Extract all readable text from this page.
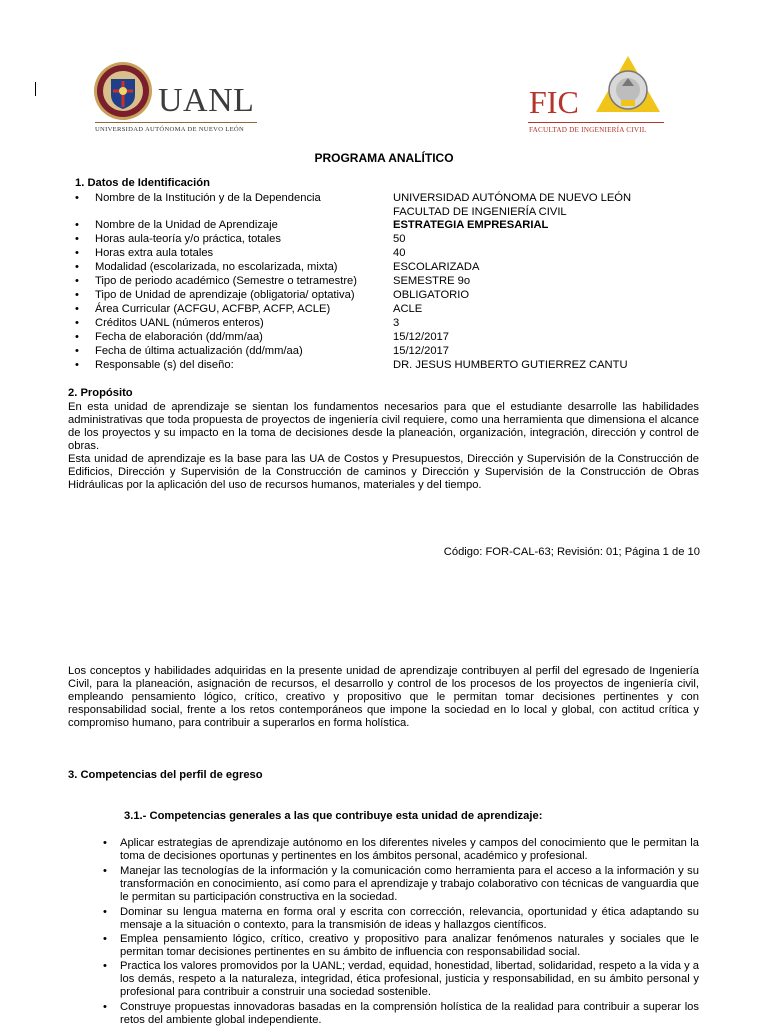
UANL
UNIVERSIDAD AUTÓNOMA DE NUEVO LEÓN
FIC
FACULTAD DE INGENIERÍA CIVIL
PROGRAMA ANALÍTICO
1. Datos de Identificación
• Nombre de la Institución y de la Dependencia	UNIVERSIDAD AUTÓNOMA DE NUEVO LEÓN
FACULTAD DE INGENIERÍA CIVIL
• Nombre de la Unidad de Aprendizaje	ESTRATEGIA EMPRESARIAL
• Horas aula-teoría y/o práctica, totales	50
• Horas extra aula totales	40
• Modalidad (escolarizada, no escolarizada, mixta)	ESCOLARIZADA
• Tipo de periodo académico (Semestre o tetramestre)	SEMESTRE 9o
• Tipo de Unidad de aprendizaje (obligatoria/ optativa)	OBLIGATORIO
• Área Curricular (ACFGU, ACFBP, ACFP, ACLE)	ACLE
• Créditos UANL (números enteros)	3
• Fecha de elaboración (dd/mm/aa)	15/12/2017
• Fecha de última actualización (dd/mm/aa)	15/12/2017
• Responsable (s) del diseño:	DR. JESUS HUMBERTO GUTIERREZ CANTU
2. Propósito
En esta unidad de aprendizaje se sientan los fundamentos necesarios para que el estudiante desarrolle las habilidades administrativas que toda propuesta de proyectos de ingeniería civil requiere, como una herramienta que dimensiona el alcance de los proyectos y su impacto en la toma de decisiones desde la planeación, organización, integración, dirección y control de obras.
Esta unidad de aprendizaje es la base para las UA de Costos y Presupuestos, Dirección y Supervisión de la Construcción de Edificios, Dirección y Supervisión de la Construcción de caminos y Dirección y Supervisión de la Construcción de Obras Hidráulicas por la aplicación del uso de recursos humanos, materiales y del tiempo.
Código: FOR-CAL-63; Revisión: 01; Página 1 de 10
Los conceptos y habilidades adquiridas en la presente unidad de aprendizaje contribuyen al perfil del egresado de Ingeniería Civil, para la planeación, asignación de recursos, el desarrollo y control de los procesos de los proyectos de ingeniería civil, empleando pensamiento lógico, crítico, creativo y propositivo que le permitan tomar decisiones pertinentes y con responsabilidad social, frente a los retos contemporáneos que impone la sociedad en lo local y global, con actitud crítica y compromiso humano, para contribuir a superarlos en forma holística.
3. Competencias del perfil de egreso
3.1.- Competencias generales a las que contribuye esta unidad de aprendizaje:
• Aplicar estrategias de aprendizaje autónomo en los diferentes niveles y campos del conocimiento que le permitan la toma de decisiones oportunas y pertinentes en los ámbitos personal, académico y profesional.
• Manejar las tecnologías de la información y la comunicación como herramienta para el acceso a la información y su transformación en conocimiento, así como para el aprendizaje y trabajo colaborativo con técnicas de vanguardia que le permitan su participación constructiva en la sociedad.
• Dominar su lengua materna en forma oral y escrita con corrección, relevancia, oportunidad y ética adaptando su mensaje a la situación o contexto, para la transmisión de ideas y hallazgos científicos.
• Emplea pensamiento lógico, crítico, creativo y propositivo para analizar fenómenos naturales y sociales que le permitan tomar decisiones pertinentes en su ámbito de influencia con responsabilidad social.
• Practica los valores promovidos por la UANL; verdad, equidad, honestidad, libertad, solidaridad, respeto a la vida y a los demás, respeto a la naturaleza, integridad, ética profesional, justicia y responsabilidad, en su ámbito personal y profesional para contribuir a construir una sociedad sostenible.
• Construye propuestas innovadoras basadas en la comprensión holística de la realidad para contribuir a superar los retos del ambiente global independiente.
